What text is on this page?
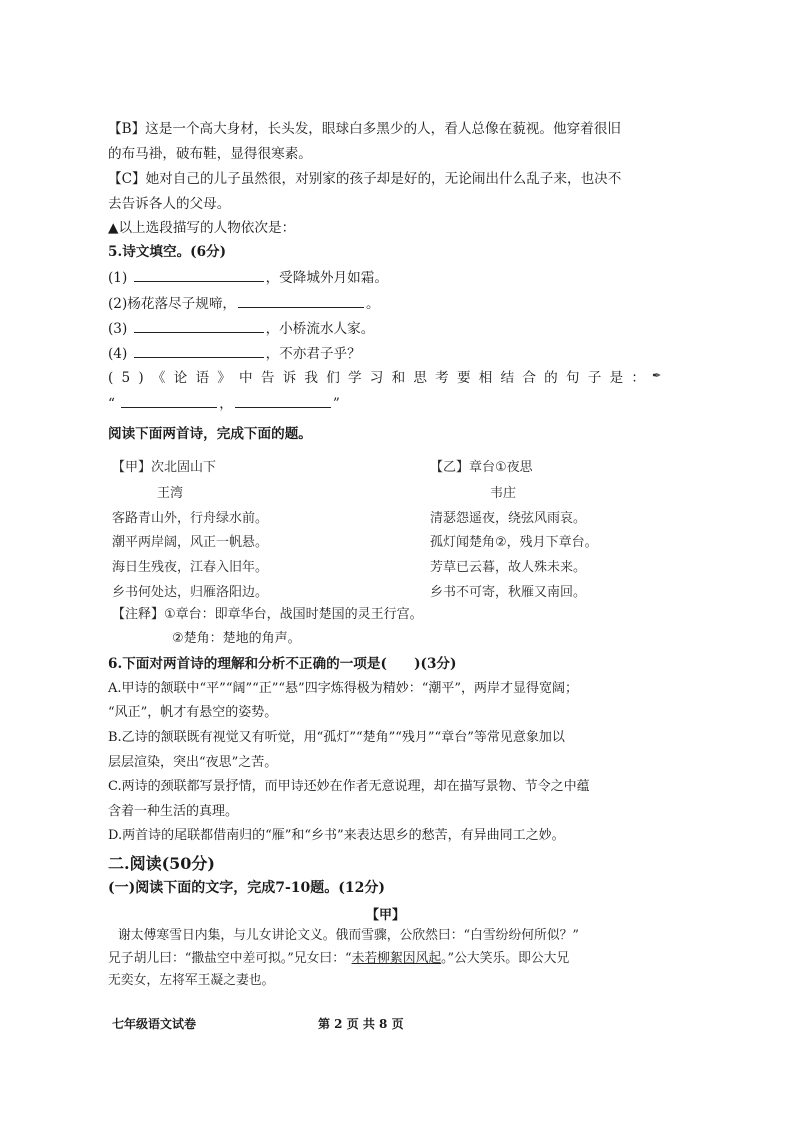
【B】这是一个高大身材，长头发，眼球白多黑少的人，看人总像在藐视。他穿着很旧
的布马褂，破布鞋，显得很寒素。
【C】她对自己的儿子虽然很，对别家的孩子却是好的，无论闹出什么乱子来，也决不
去告诉各人的父母。
▲以上选段描写的人物依次是：
5.诗文填空。(6分)
(1)	，受降城外月如霜。
(2)杨花落尽子规啼，	。
(3)	，小桥流水人家。
(4)	，不亦君子乎？
(5)《论语》中告诉我们学习和思考要相结合的句子是：
✒
“	，	”
阅读下面两首诗，完成下面的题。
【甲】次北固山下
王湾
客路青山外，行舟绿水前。
潮平两岸阔，风正一帆悬。
海日生残夜，江春入旧年。
乡书何处达，归雁洛阳边。
【乙】章台①夜思
韦庄
清瑟怨遥夜，绕弦风雨哀。
孤灯闻楚角②，残月下章台。
芳草已云暮，故人殊未来。
乡书不可寄，秋雁又南回。
【注释】①章台：即章华台，战国时楚国的灵王行宫。
②楚角：楚地的角声。
6.下面对两首诗的理解和分析不正确的一项是(　　)(3分)
A.甲诗的颔联中“平”“阔”“正”“悬”四字炼得极为精妙：“潮平”，两岸才显得宽阔；
“风正”，帆才有悬空的姿势。
B.乙诗的颔联既有视觉又有听觉，用“孤灯”“楚角”“残月”“章台”等常见意象加以
层层渲染，突出“夜思”之苦。
C.两诗的颈联都写景抒情，而甲诗还妙在作者无意说理，却在描写景物、节令之中蕴
含着一种生活的真理。
D.两首诗的尾联都借南归的“雁”和“乡书”来表达思乡的愁苦，有异曲同工之妙。
二.阅读(50分)
(一)阅读下面的文字，完成7-10题。(12分)
【甲】
谢太傅寒雪日内集，与儿女讲论文义。俄而雪骤，公欣然曰：“白雪纷纷何所似？”
兄子胡儿曰：“撒盐空中差可拟。”兄女曰：“未若柳絮因风起。”公大笑乐。即公大兄
无奕女，左将军王凝之妻也。
七年级语文试卷	第 2 页 共 8 页
